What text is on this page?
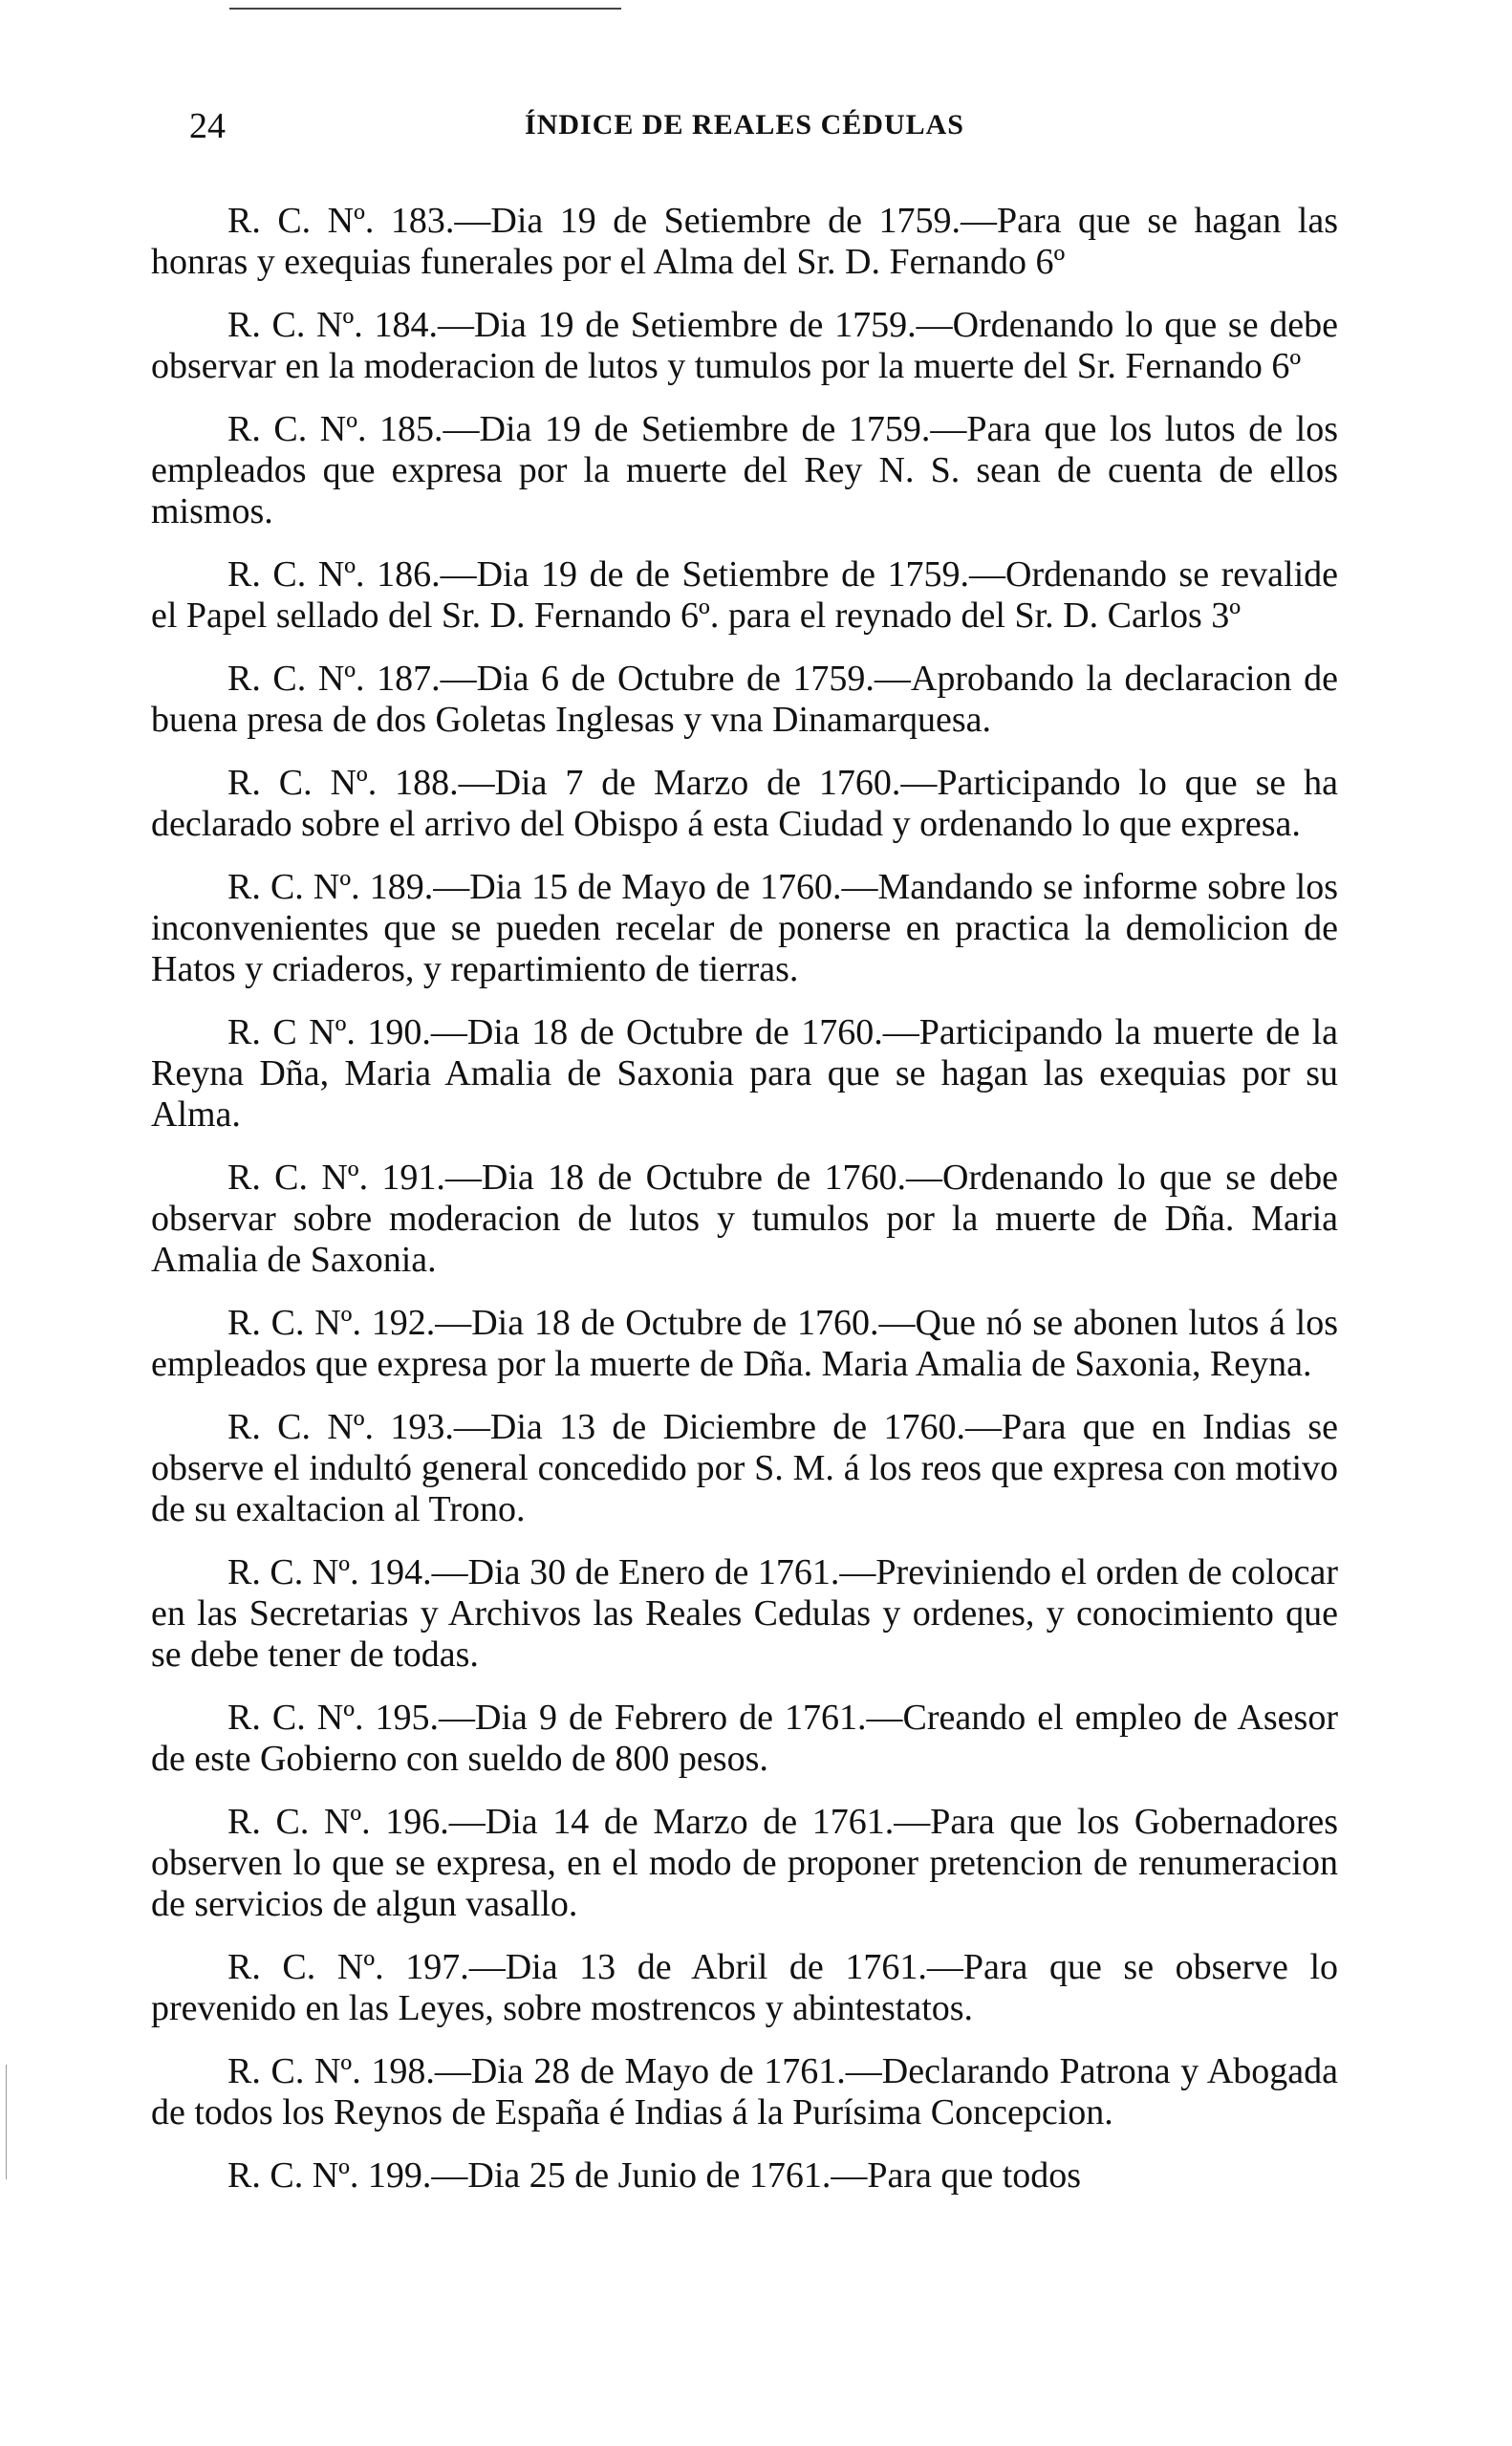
24	ÍNDICE DE REALES CÉDULAS

R. C. Nº. 183.—Dia 19 de Setiembre de 1759.—Para que se hagan las honras y exequias funerales por el Alma del Sr. D. Fernando 6º

R. C. Nº. 184.—Dia 19 de Setiembre de 1759.—Ordenando lo que se debe observar en la moderacion de lutos y tumulos por la muerte del Sr. Fernando 6º

R. C. Nº. 185.—Dia 19 de Setiembre de 1759.—Para que los lutos de los empleados que expresa por la muerte del Rey N. S. sean de cuenta de ellos mismos.

R. C. Nº. 186.—Dia 19 de de Setiembre de 1759.—Ordenando se revalide el Papel sellado del Sr. D. Fernando 6º. para el reynado del Sr. D. Carlos 3º

R. C. Nº. 187.—Dia 6 de Octubre de 1759.—Aprobando la declaracion de buena presa de dos Goletas Inglesas y vna Dinamarquesa.

R. C. Nº. 188.—Dia 7 de Marzo de 1760.—Participando lo que se ha declarado sobre el arrivo del Obispo á esta Ciudad y ordenando lo que expresa.

R. C. Nº. 189.—Dia 15 de Mayo de 1760.—Mandando se informe sobre los inconvenientes que se pueden recelar de ponerse en practica la demolicion de Hatos y criaderos, y repartimiento de tierras.

R. C Nº. 190.—Dia 18 de Octubre de 1760.—Participando la muerte de la Reyna Dña, Maria Amalia de Saxonia para que se hagan las exequias por su Alma.

R. C. Nº. 191.—Dia 18 de Octubre de 1760.—Ordenando lo que se debe observar sobre moderacion de lutos y tumulos por la muerte de Dña. Maria Amalia de Saxonia.

R. C. Nº. 192.—Dia 18 de Octubre de 1760.—Que nó se abonen lutos á los empleados que expresa por la muerte de Dña. Maria Amalia de Saxonia, Reyna.

R. C. Nº. 193.—Dia 13 de Diciembre de 1760.—Para que en Indias se observe el indultó general concedido por S. M. á los reos que expresa con motivo de su exaltacion al Trono.

R. C. Nº. 194.—Dia 30 de Enero de 1761.—Previniendo el orden de colocar en las Secretarias y Archivos las Reales Cedulas y ordenes, y conocimiento que se debe tener de todas.

R. C. Nº. 195.—Dia 9 de Febrero de 1761.—Creando el empleo de Asesor de este Gobierno con sueldo de 800 pesos.

R. C. Nº. 196.—Dia 14 de Marzo de 1761.—Para que los Gobernadores observen lo que se expresa, en el modo de proponer pretencion de renumeracion de servicios de algun vasallo.

R. C. Nº. 197.—Dia 13 de Abril de 1761.—Para que se observe lo prevenido en las Leyes, sobre mostrencos y abintestatos.

R. C. Nº. 198.—Dia 28 de Mayo de 1761.—Declarando Patrona y Abogada de todos los Reynos de España é Indias á la Purísima Concepcion.

R. C. Nº. 199.—Dia 25 de Junio de 1761.—Para que todos
